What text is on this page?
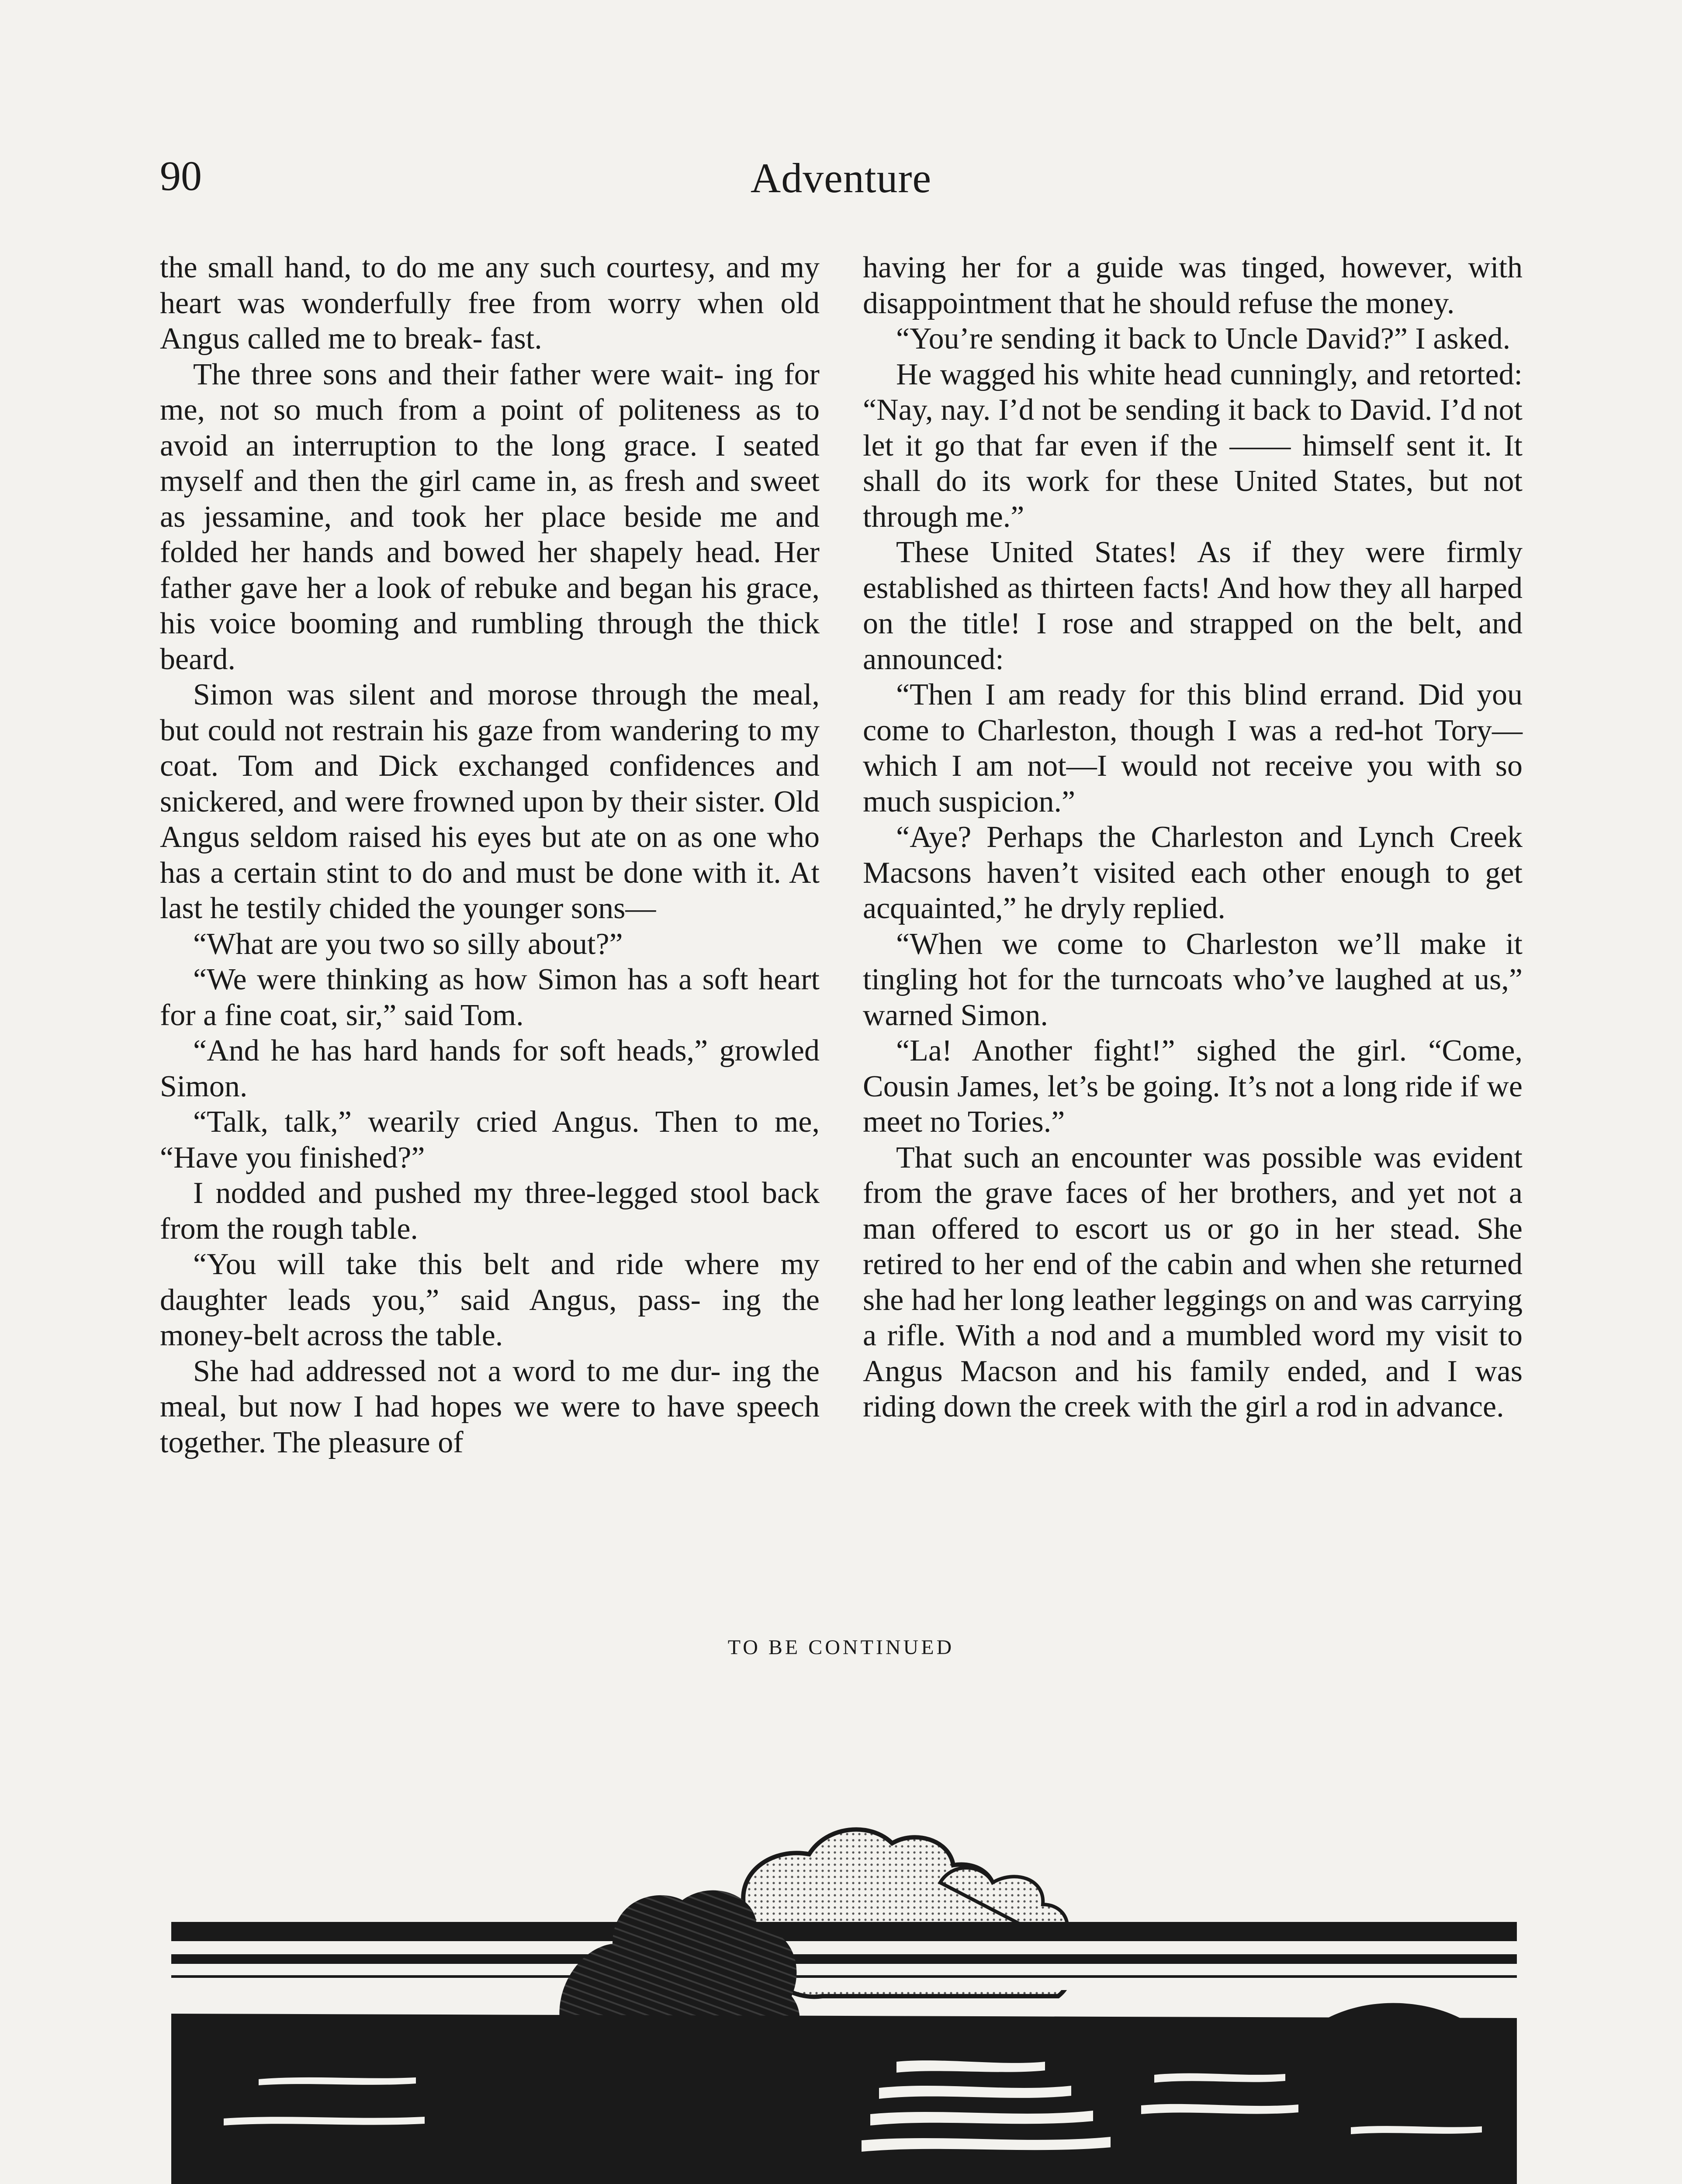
90	Adventure

the small hand, to do me any such courtesy, and my heart was wonderfully free from worry when old Angus called me to break- fast.

The three sons and their father were wait- ing for me, not so much from a point of politeness as to avoid an interruption to the long grace. I seated myself and then the girl came in, as fresh and sweet as jessamine, and took her place beside me and folded her hands and bowed her shapely head. Her father gave her a look of rebuke and began his grace, his voice booming and rumbling through the thick beard.

Simon was silent and morose through the meal, but could not restrain his gaze from wandering to my coat. Tom and Dick exchanged confidences and snickered, and were frowned upon by their sister. Old Angus seldom raised his eyes but ate on as one who has a certain stint to do and must be done with it. At last he testily chided the younger sons—

“What are you two so silly about?”

“We were thinking as how Simon has a soft heart for a fine coat, sir,” said Tom.

“And he has hard hands for soft heads,” growled Simon.

“Talk, talk,” wearily cried Angus. Then to me, “Have you finished?”

I nodded and pushed my three-legged stool back from the rough table.

“You will take this belt and ride where my daughter leads you,” said Angus, pass- ing the money-belt across the table.

She had addressed not a word to me dur- ing the meal, but now I had hopes we were to have speech together. The pleasure of

having her for a guide was tinged, however, with disappointment that he should refuse the money.

“You’re sending it back to Uncle David?” I asked.

He wagged his white head cunningly, and retorted: “Nay, nay. I’d not be sending it back to David. I’d not let it go that far even if the —— himself sent it. It shall do its work for these United States, but not through me.”

These United States! As if they were firmly established as thirteen facts! And how they all harped on the title! I rose and strapped on the belt, and announced:

“Then I am ready for this blind errand. Did you come to Charleston, though I was a red-hot Tory—which I am not—I would not receive you with so much suspicion.”

“Aye? Perhaps the Charleston and Lynch Creek Macsons haven’t visited each other enough to get acquainted,” he dryly replied.

“When we come to Charleston we’ll make it tingling hot for the turncoats who’ve laughed at us,” warned Simon.

“La! Another fight!” sighed the girl. “Come, Cousin James, let’s be going. It’s not a long ride if we meet no Tories.”

That such an encounter was possible was evident from the grave faces of her brothers, and yet not a man offered to escort us or go in her stead. She retired to her end of the cabin and when she returned she had her long leather leggings on and was carrying a rifle. With a nod and a mumbled word my visit to Angus Macson and his family ended, and I was riding down the creek with the girl a rod in advance.

TO BE CONTINUED
